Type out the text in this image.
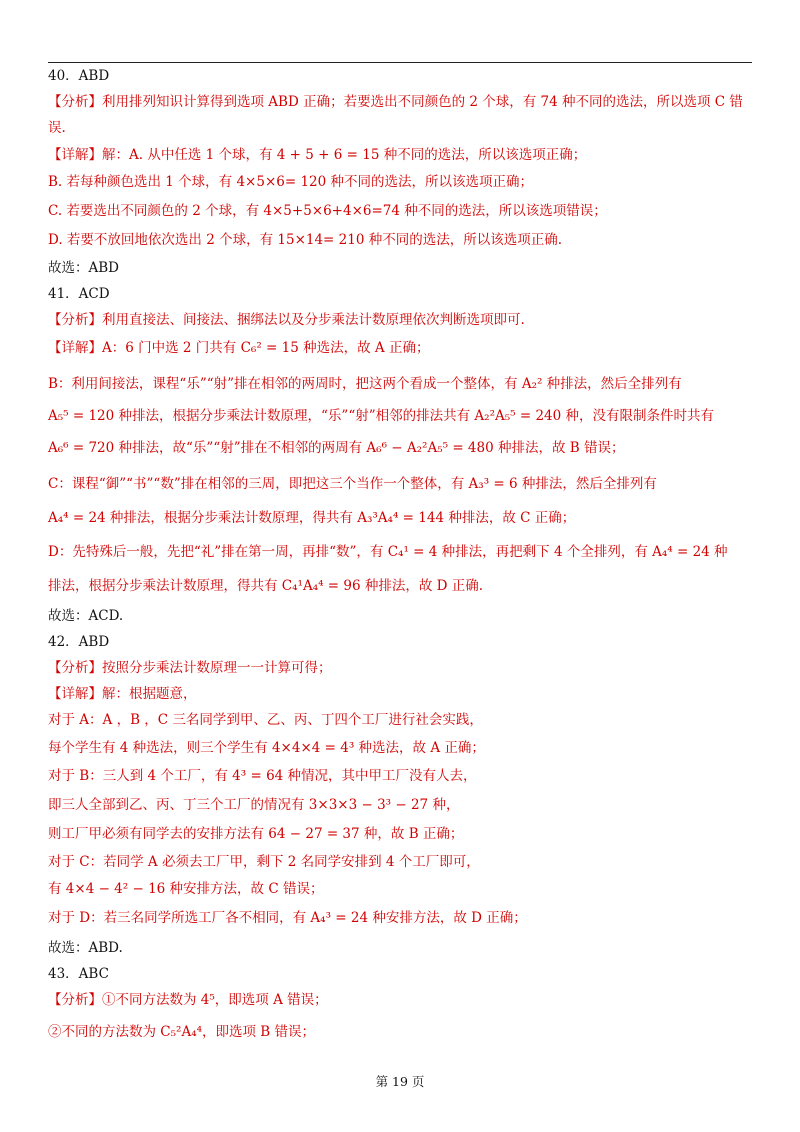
40．ABD
【分析】利用排列知识计算得到选项 ABD 正确；若要选出不同颜色的 2 个球，有 74 种不同的选法，所以选项 C 错
误.
【详解】解：A. 从中任选 1 个球，有 4 + 5 + 6 = 15 种不同的选法，所以该选项正确；
B. 若每种颜色选出 1 个球，有 4×5×6= 120 种不同的选法，所以该选项正确；
C. 若要选出不同颜色的 2 个球，有 4×5+5×6+4×6=74 种不同的选法，所以该选项错误；
D. 若要不放回地依次选出 2 个球，有 15×14= 210 种不同的选法，所以该选项正确.
故选：ABD
41．ACD
【分析】利用直接法、间接法、捆绑法以及分步乘法计数原理依次判断选项即可.
【详解】A：6 门中选 2 门共有 C₆² = 15 种选法，故 A 正确；
B：利用间接法，课程“乐”“射”排在相邻的两周时，把这两个看成一个整体，有 A₂² 种排法，然后全排列有
A₅⁵ = 120 种排法，根据分步乘法计数原理，“乐”“射”相邻的排法共有 A₂²A₅⁵ = 240 种，没有限制条件时共有
A₆⁶ = 720 种排法，故“乐”“射”排在不相邻的两周有 A₆⁶ − A₂²A₅⁵ = 480 种排法，故 B 错误；
C：课程“御”“书”“数”排在相邻的三周，即把这三个当作一个整体，有 A₃³ = 6 种排法，然后全排列有
A₄⁴ = 24 种排法，根据分步乘法计数原理，得共有 A₃³A₄⁴ = 144 种排法，故 C 正确；
D：先特殊后一般，先把“礼”排在第一周，再排“数”，有 C₄¹ = 4 种排法，再把剩下 4 个全排列，有 A₄⁴ = 24 种
排法，根据分步乘法计数原理，得共有 C₄¹A₄⁴ = 96 种排法，故 D 正确.
故选：ACD.
42．ABD
【分析】按照分步乘法计数原理一一计算可得；
【详解】解：根据题意，
对于 A：A ，B ，C 三名同学到甲、乙、丙、丁四个工厂进行社会实践，
每个学生有 4 种选法，则三个学生有 4×4×4 = 4³ 种选法，故 A 正确；
对于 B：三人到 4 个工厂，有 4³ = 64 种情况，其中甲工厂没有人去，
即三人全部到乙、丙、丁三个工厂的情况有 3×3×3 − 3³ − 27 种，
则工厂甲必须有同学去的安排方法有 64 − 27 = 37 种，故 B 正确；
对于 C：若同学 A 必须去工厂甲，剩下 2 名同学安排到 4 个工厂即可，
有 4×4 − 4² − 16 种安排方法，故 C 错误；
对于 D：若三名同学所选工厂各不相同，有 A₄³ = 24 种安排方法，故 D 正确；
故选：ABD.
43．ABC
【分析】①不同方法数为 4⁵，即选项 A 错误；
②不同的方法数为 C₅²A₄⁴，即选项 B 错误；
第 19 页
